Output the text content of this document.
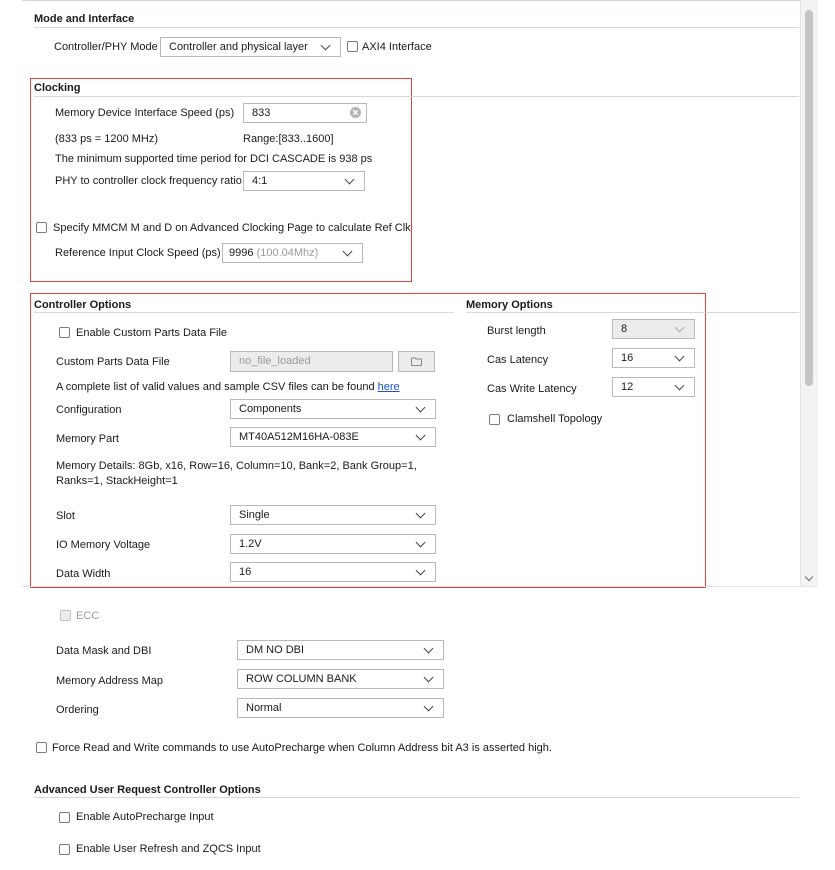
Mode and Interface
Controller/PHY Mode	Controller and physical layer	AXI4 Interface
Clocking
Memory Device Interface Speed (ps)	833
(833 ps = 1200 MHz)	Range:[833..1600]
The minimum supported time period for DCI CASCADE is 938 ps
PHY to controller clock frequency ratio 4:1
Specify MMCM M and D on Advanced Clocking Page to calculate Ref Clk
Reference Input Clock Speed (ps) 9996 (100.04Mhz)
Controller Options
Enable Custom Parts Data File
Custom Parts Data File	no_file_loaded
A complete list of valid values and sample CSV files can be found here
Configuration	Components
Memory Part	MT40A512M16HA-083E
Memory Details: 8Gb, x16, Row=16, Column=10, Bank=2, Bank Group=1,
Ranks=1, StackHeight=1
Slot	Single
IO Memory Voltage	1.2V
Data Width	16
Memory Options
Burst length	8
Cas Latency	16
Cas Write Latency	12
Clamshell Topology
ECC
Data Mask and DBI	DM NO DBI
Memory Address Map	ROW COLUMN BANK
Ordering	Normal
Force Read and Write commands to use AutoPrecharge when Column Address bit A3 is asserted high.
Advanced User Request Controller Options
Enable AutoPrecharge Input
Enable User Refresh and ZQCS Input
